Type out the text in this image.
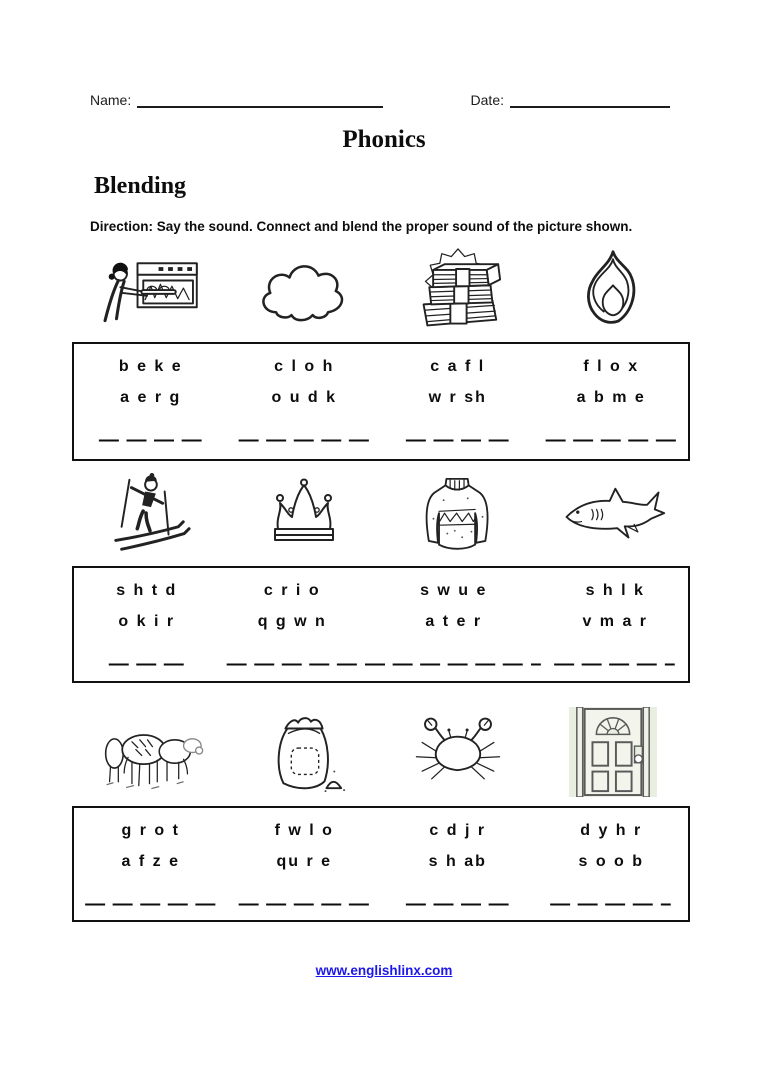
Name:	Date:
Phonics
Blending
Direction: Say the sound. Connect and blend the proper sound of the picture shown.
b e k e
a e r g
— — — —
c l o h
o u d k
— — — — —
c a f l
w r sh
— — — —
f l o x
a b m e
— — — — —
s h t d
o k i r
— — —
c r i o
q g w n
— — — — —
s w u e
a t e r
— — — — — — –
s h l k
v m a r
— — — — –
g r o t
a f z e
— — — — —
f w l o
qu r e
— — — — —
c d j r
s h ab
— — — —
d y h r
s o o b
— — — — –
www.englishlinx.com
